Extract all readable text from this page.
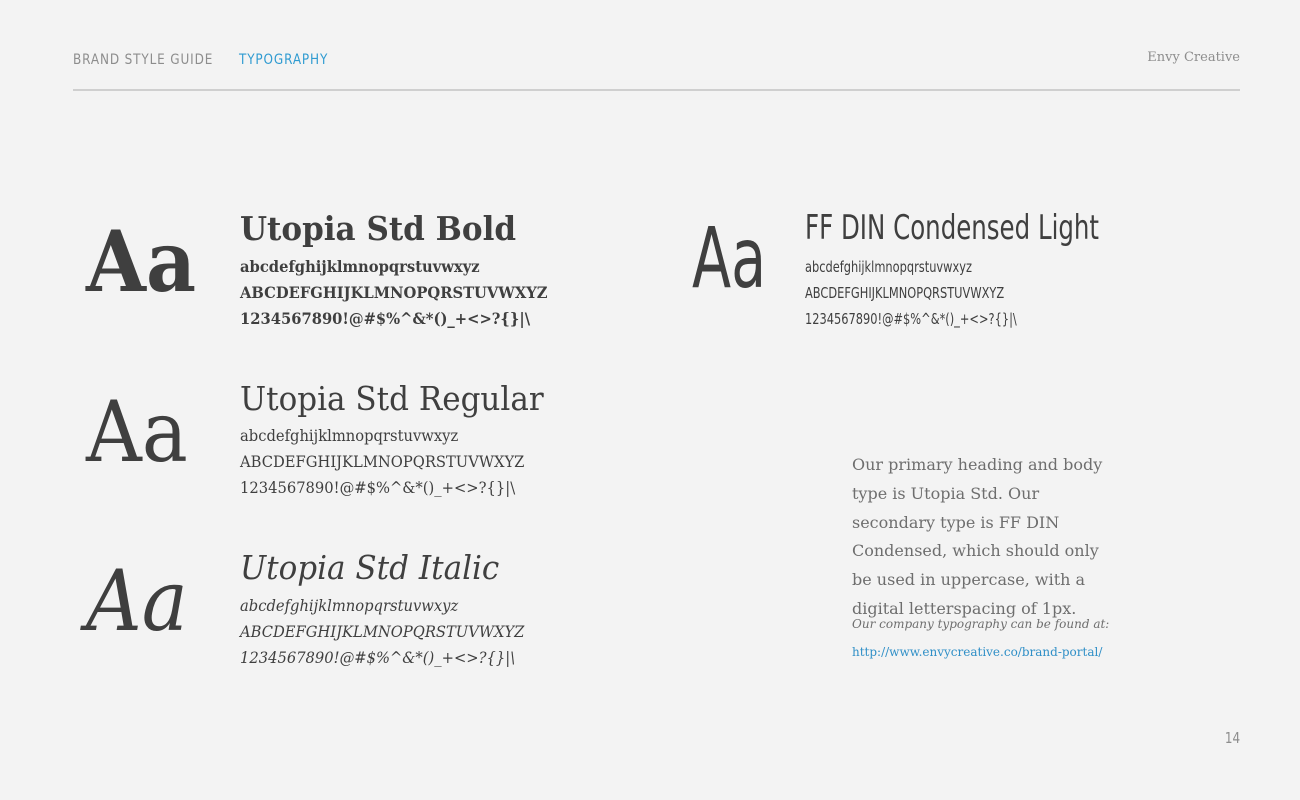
BRAND STYLE GUIDE TYPOGRAPHY	Envy Creative
Aa Utopia Std Bold
abcdefghijklmnopqrstuvwxyz
ABCDEFGHIJKLMNOPQRSTUVWXYZ
1234567890!@#$%^&*()_+<>?{}|\
Aa Utopia Std Regular
abcdefghijklmnopqrstuvwxyz
ABCDEFGHIJKLMNOPQRSTUVWXYZ
1234567890!@#$%^&*()_+<>?{}|\
Aa Utopia Std Italic
abcdefghijklmnopqrstuvwxyz
ABCDEFGHIJKLMNOPQRSTUVWXYZ
1234567890!@#$%^&*()_+<>?{}|\
Aa FF DIN Condensed Light
abcdefghijklmnopqrstuvwxyz
ABCDEFGHIJKLMNOPQRSTUVWXYZ
1234567890!@#$%^&*()_+<>?{}|\
Our primary heading and body type is Utopia Std. Our secondary type is FF DIN Condensed, which should only be used in uppercase, with a digital letterspacing of 1px.
Our company typography can be found at:
http://www.envycreative.co/brand-portal/
14
